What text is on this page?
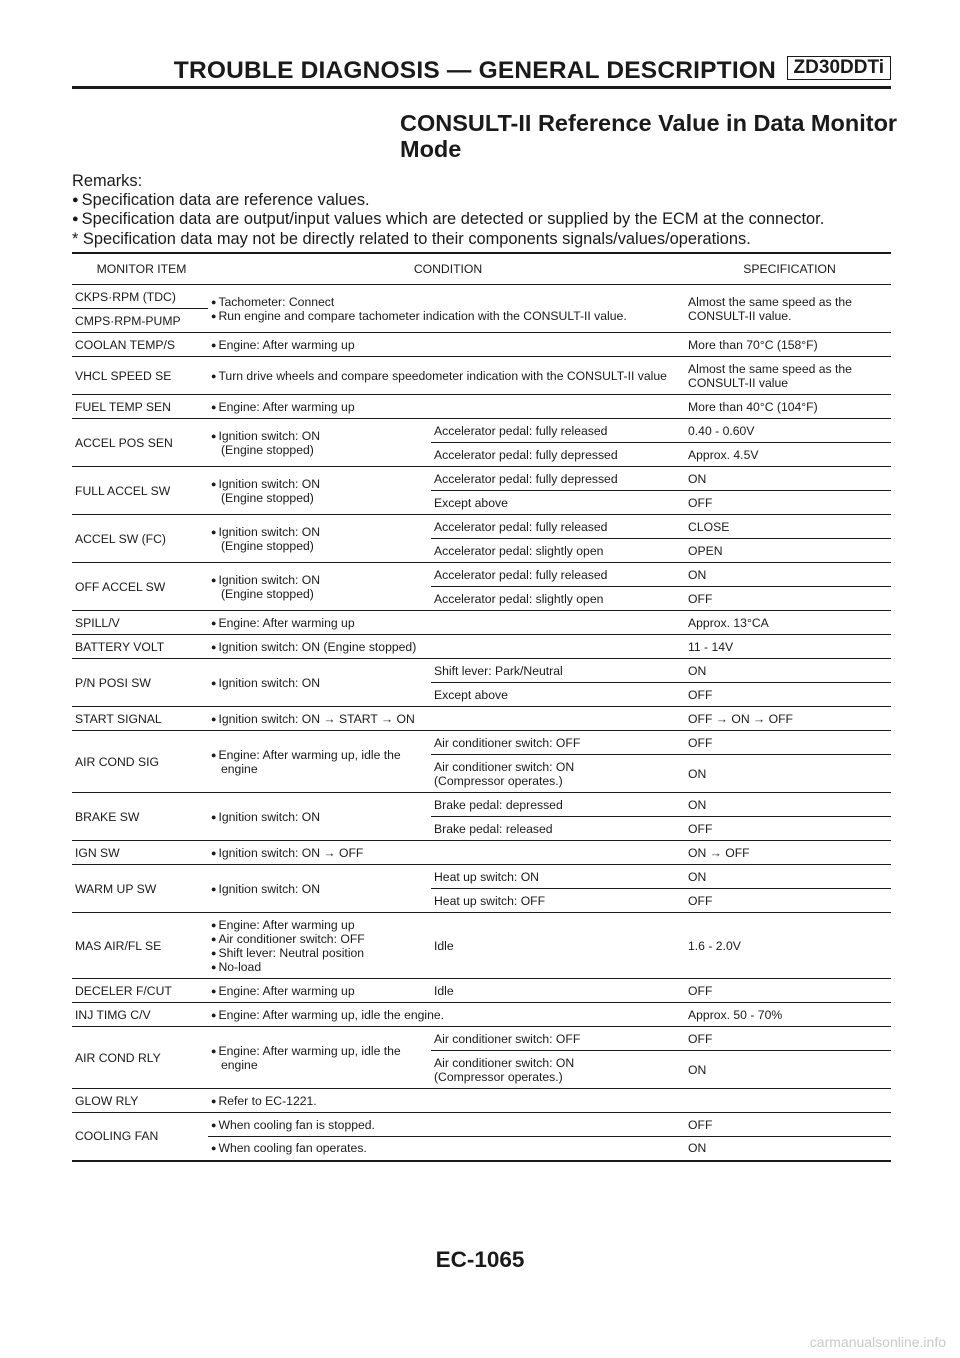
TROUBLE DIAGNOSIS — GENERAL DESCRIPTION ZD30DDTi
CONSULT-II Reference Value in Data Monitor
Mode
Remarks:
● Specification data are reference values.
● Specification data are output/input values which are detected or supplied by the ECM at the connector.
* Specification data may not be directly related to their components signals/values/operations.
MONITOR ITEM	CONDITION		SPECIFICATION
CKPS·RPM (TDC)	● Tachometer: Connect
● Run engine and compare tachometer indication with the CONSULT-II value.		Almost the same speed as the
CONSULT-II value.

CMPS·RPM-PUMP			
COOLAN TEMP/S	● Engine: After warming up		More than 70°C (158°F)
VHCL SPEED SE	● Turn drive wheels and compare speedometer indication with the CONSULT-II value		Almost the same speed as the
CONSULT-II value

FUEL TEMP SEN	● Engine: After warming up		More than 40°C (104°F)
ACCEL POS SEN	● Ignition switch: ON
(Engine stopped)	Accelerator pedal: fully released	0.40 - 0.60V
		Accelerator pedal: fully depressed	Approx. 4.5V
FULL ACCEL SW	● Ignition switch: ON
(Engine stopped)	Accelerator pedal: fully depressed	ON
		Except above	OFF
ACCEL SW (FC)	● Ignition switch: ON
(Engine stopped)	Accelerator pedal: fully released	CLOSE
		Accelerator pedal: slightly open	OPEN
OFF ACCEL SW	● Ignition switch: ON
(Engine stopped)	Accelerator pedal: fully released	ON
		Accelerator pedal: slightly open	OFF
SPILL/V	● Engine: After warming up		Approx. 13°CA
BATTERY VOLT	● Ignition switch: ON (Engine stopped)		11 - 14V
P/N POSI SW	● Ignition switch: ON	Shift lever: Park/Neutral	ON
		Except above	OFF
START SIGNAL	● Ignition switch: ON → START → ON		OFF → ON → OFF
AIR COND SIG	● Engine: After warming up, idle the
engine	Air conditioner switch: OFF	OFF

		Air conditioner switch: ON
(Compressor operates.)	ON
BRAKE SW	● Ignition switch: ON	Brake pedal: depressed	ON
		Brake pedal: released	OFF
IGN SW	● Ignition switch: ON → OFF		ON → OFF
WARM UP SW	● Ignition switch: ON	Heat up switch: ON	ON
		Heat up switch: OFF	OFF
MAS AIR/FL SE	● Engine: After warming up
● Air conditioner switch: OFF
● Shift lever: Neutral position
● No-load	Idle	1.6 - 2.0V
DECELER F/CUT	● Engine: After warming up	Idle	OFF
INJ TIMG C/V	● Engine: After warming up, idle the engine.		Approx. 50 - 70%
AIR COND RLY	● Engine: After warming up, idle the
engine	Air conditioner switch: OFF	OFF

		Air conditioner switch: ON
(Compressor operates.)	ON
GLOW RLY	● Refer to EC-1221.
COOLING FAN	● When cooling fan is stopped.		OFF
	● When cooling fan operates.		ON
EC-1065
carmanualsonline.info
